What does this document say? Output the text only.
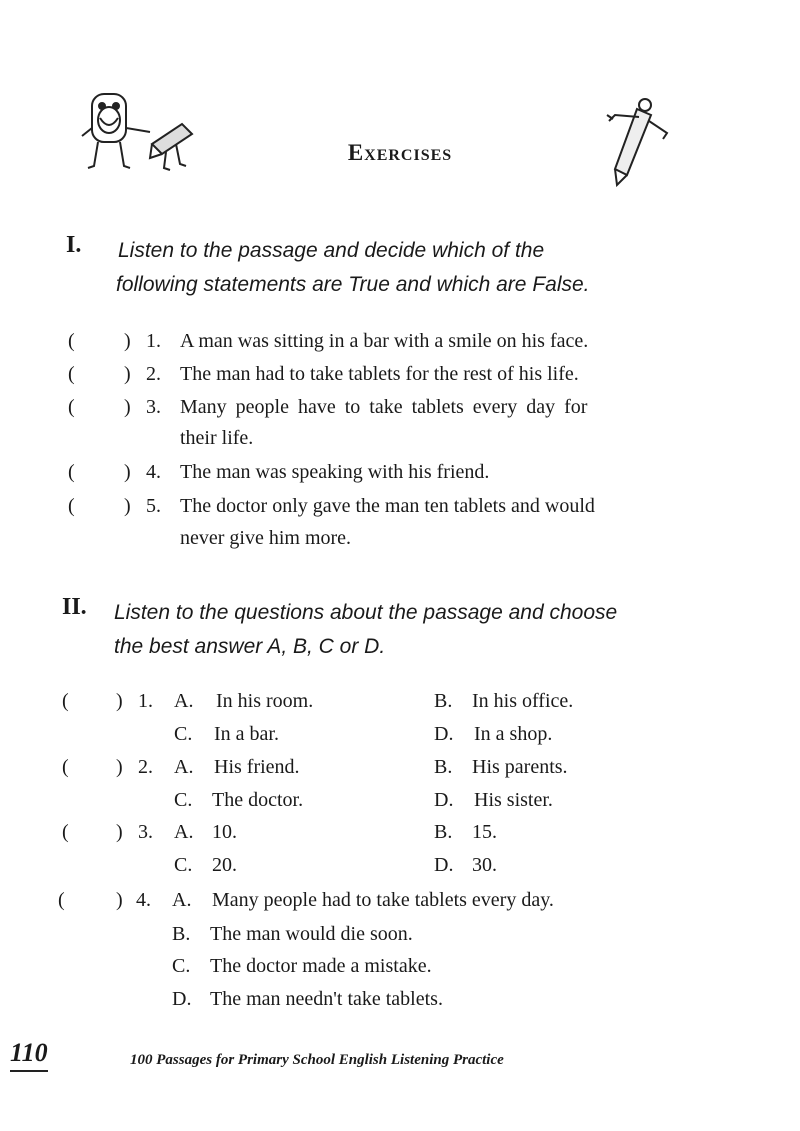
Exercises
I. Listen to the passage and decide which of the
following statements are True and which are False.
( ) 1. A man was sitting in a bar with a smile on his face.
( ) 2. The man had to take tablets for the rest of his life.
( ) 3. Many people have to take tablets every day for
their life.
( ) 4. The man was speaking with his friend.
( ) 5. The doctor only gave the man ten tablets and would
never give him more.
II. Listen to the questions about the passage and choose
the best answer A, B, C or D.
( ) 1. A. In his room.	B. In his office.
C. In a bar.	D. In a shop.
( ) 2. A. His friend.	B. His parents.
C. The doctor.	D. His sister.
( ) 3. A. 10.	B. 15.
C. 20.	D. 30.
(	) 4. A. Many people had to take tablets every day.
B. The man would die soon.
C. The doctor made a mistake.
D. The man needn't take tablets.
110	100 Passages for Primary School English Listening Practice
